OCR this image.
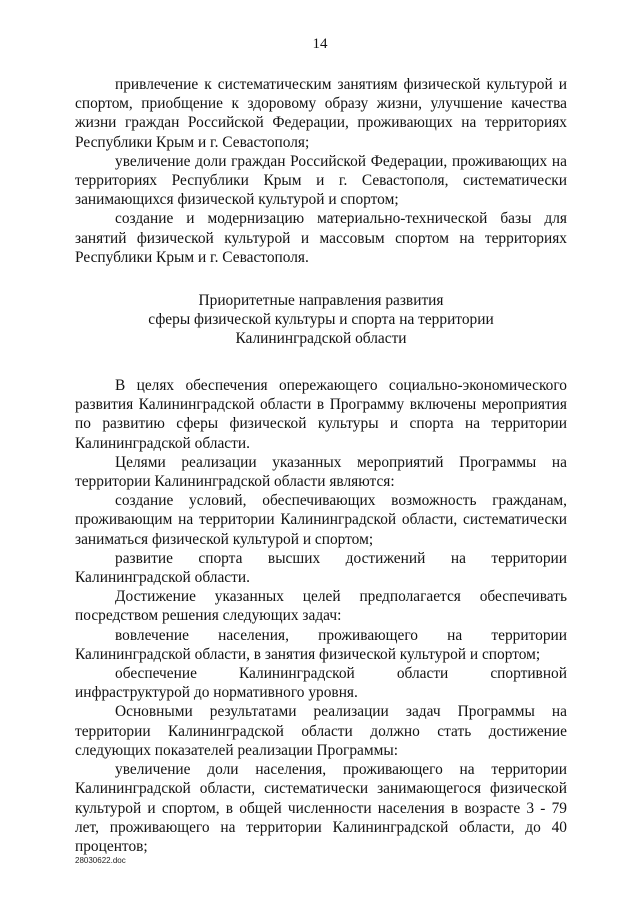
14

привлечение к систематическим занятиям физической культурой и спортом, приобщение к здоровому образу жизни, улучшение качества жизни граждан Российской Федерации, проживающих на территориях Республики Крым и г. Севастополя;

увеличение доли граждан Российской Федерации, проживающих на территориях Республики Крым и г. Севастополя, систематически занимающихся физической культурой и спортом;

создание и модернизацию материально-технической базы для занятий физической культурой и массовым спортом на территориях Республики Крым и г. Севастополя.

Приоритетные направления развития
сферы физической культуры и спорта на территории
Калининградской области

В целях обеспечения опережающего социально-экономического развития Калининградской области в Программу включены мероприятия по развитию сферы физической культуры и спорта на территории Калининградской области.

Целями реализации указанных мероприятий Программы на территории Калининградской области являются:

создание условий, обеспечивающих возможность гражданам, проживающим на территории Калининградской области, систематически заниматься физической культурой и спортом;

развитие спорта высших достижений на территории Калининградской области.

Достижение указанных целей предполагается обеспечивать посредством решения следующих задач:

вовлечение населения, проживающего на территории Калининградской области, в занятия физической культурой и спортом;

обеспечение Калининградской области спортивной инфраструктурой до нормативного уровня.

Основными результатами реализации задач Программы на территории Калининградской области должно стать достижение следующих показателей реализации Программы:

увеличение доли населения, проживающего на территории Калининградской области, систематически занимающегося физической культурой и спортом, в общей численности населения в возрасте 3 - 79 лет, проживающего на территории Калининградской области, до 40 процентов;

28030622.doc
